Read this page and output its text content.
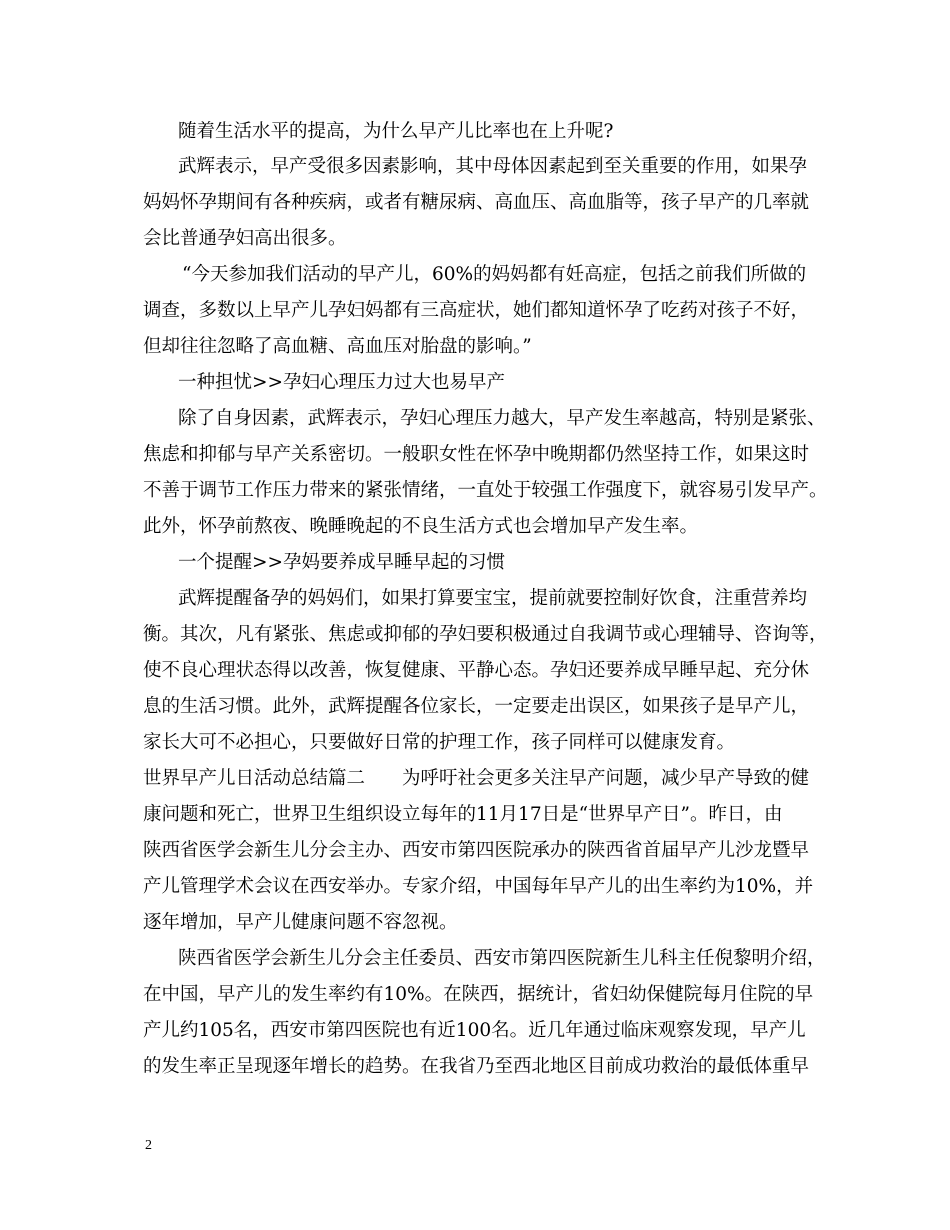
随着生活水平的提高，为什么早产儿比率也在上升呢?
武辉表示，早产受很多因素影响，其中母体因素起到至关重要的作用，如果孕
妈妈怀孕期间有各种疾病，或者有糖尿病、高血压、高血脂等，孩子早产的几率就
会比普通孕妇高出很多。
“今天参加我们活动的早产儿，60%的妈妈都有妊高症，包括之前我们所做的
调查，多数以上早产儿孕妇妈都有三高症状，她们都知道怀孕了吃药对孩子不好，
但却往往忽略了高血糖、高血压对胎盘的影响。”
一种担忧>>孕妇心理压力过大也易早产
除了自身因素，武辉表示，孕妇心理压力越大，早产发生率越高，特别是紧张、
焦虑和抑郁与早产关系密切。一般职女性在怀孕中晚期都仍然坚持工作，如果这时
不善于调节工作压力带来的紧张情绪，一直处于较强工作强度下，就容易引发早产。
此外，怀孕前熬夜、晚睡晚起的不良生活方式也会增加早产发生率。
一个提醒>>孕妈要养成早睡早起的习惯
武辉提醒备孕的妈妈们，如果打算要宝宝，提前就要控制好饮食，注重营养均
衡。其次，凡有紧张、焦虑或抑郁的孕妇要积极通过自我调节或心理辅导、咨询等，
使不良心理状态得以改善，恢复健康、平静心态。孕妇还要养成早睡早起、充分休
息的生活习惯。此外，武辉提醒各位家长，一定要走出误区，如果孩子是早产儿，
家长大可不必担心，只要做好日常的护理工作，孩子同样可以健康发育。
世界早产儿日活动总结篇二　　为呼吁社会更多关注早产问题，减少早产导致的健
康问题和死亡，世界卫生组织设立每年的11月17日是“世界早产日”。昨日，由
陕西省医学会新生儿分会主办、西安市第四医院承办的陕西省首届早产儿沙龙暨早
产儿管理学术会议在西安举办。专家介绍，中国每年早产儿的出生率约为10%，并
逐年增加，早产儿健康问题不容忽视。
陕西省医学会新生儿分会主任委员、西安市第四医院新生儿科主任倪黎明介绍，
在中国，早产儿的发生率约有10%。在陕西，据统计，省妇幼保健院每月住院的早
产儿约105名，西安市第四医院也有近100名。近几年通过临床观察发现，早产儿
的发生率正呈现逐年增长的趋势。在我省乃至西北地区目前成功救治的最低体重早
2
